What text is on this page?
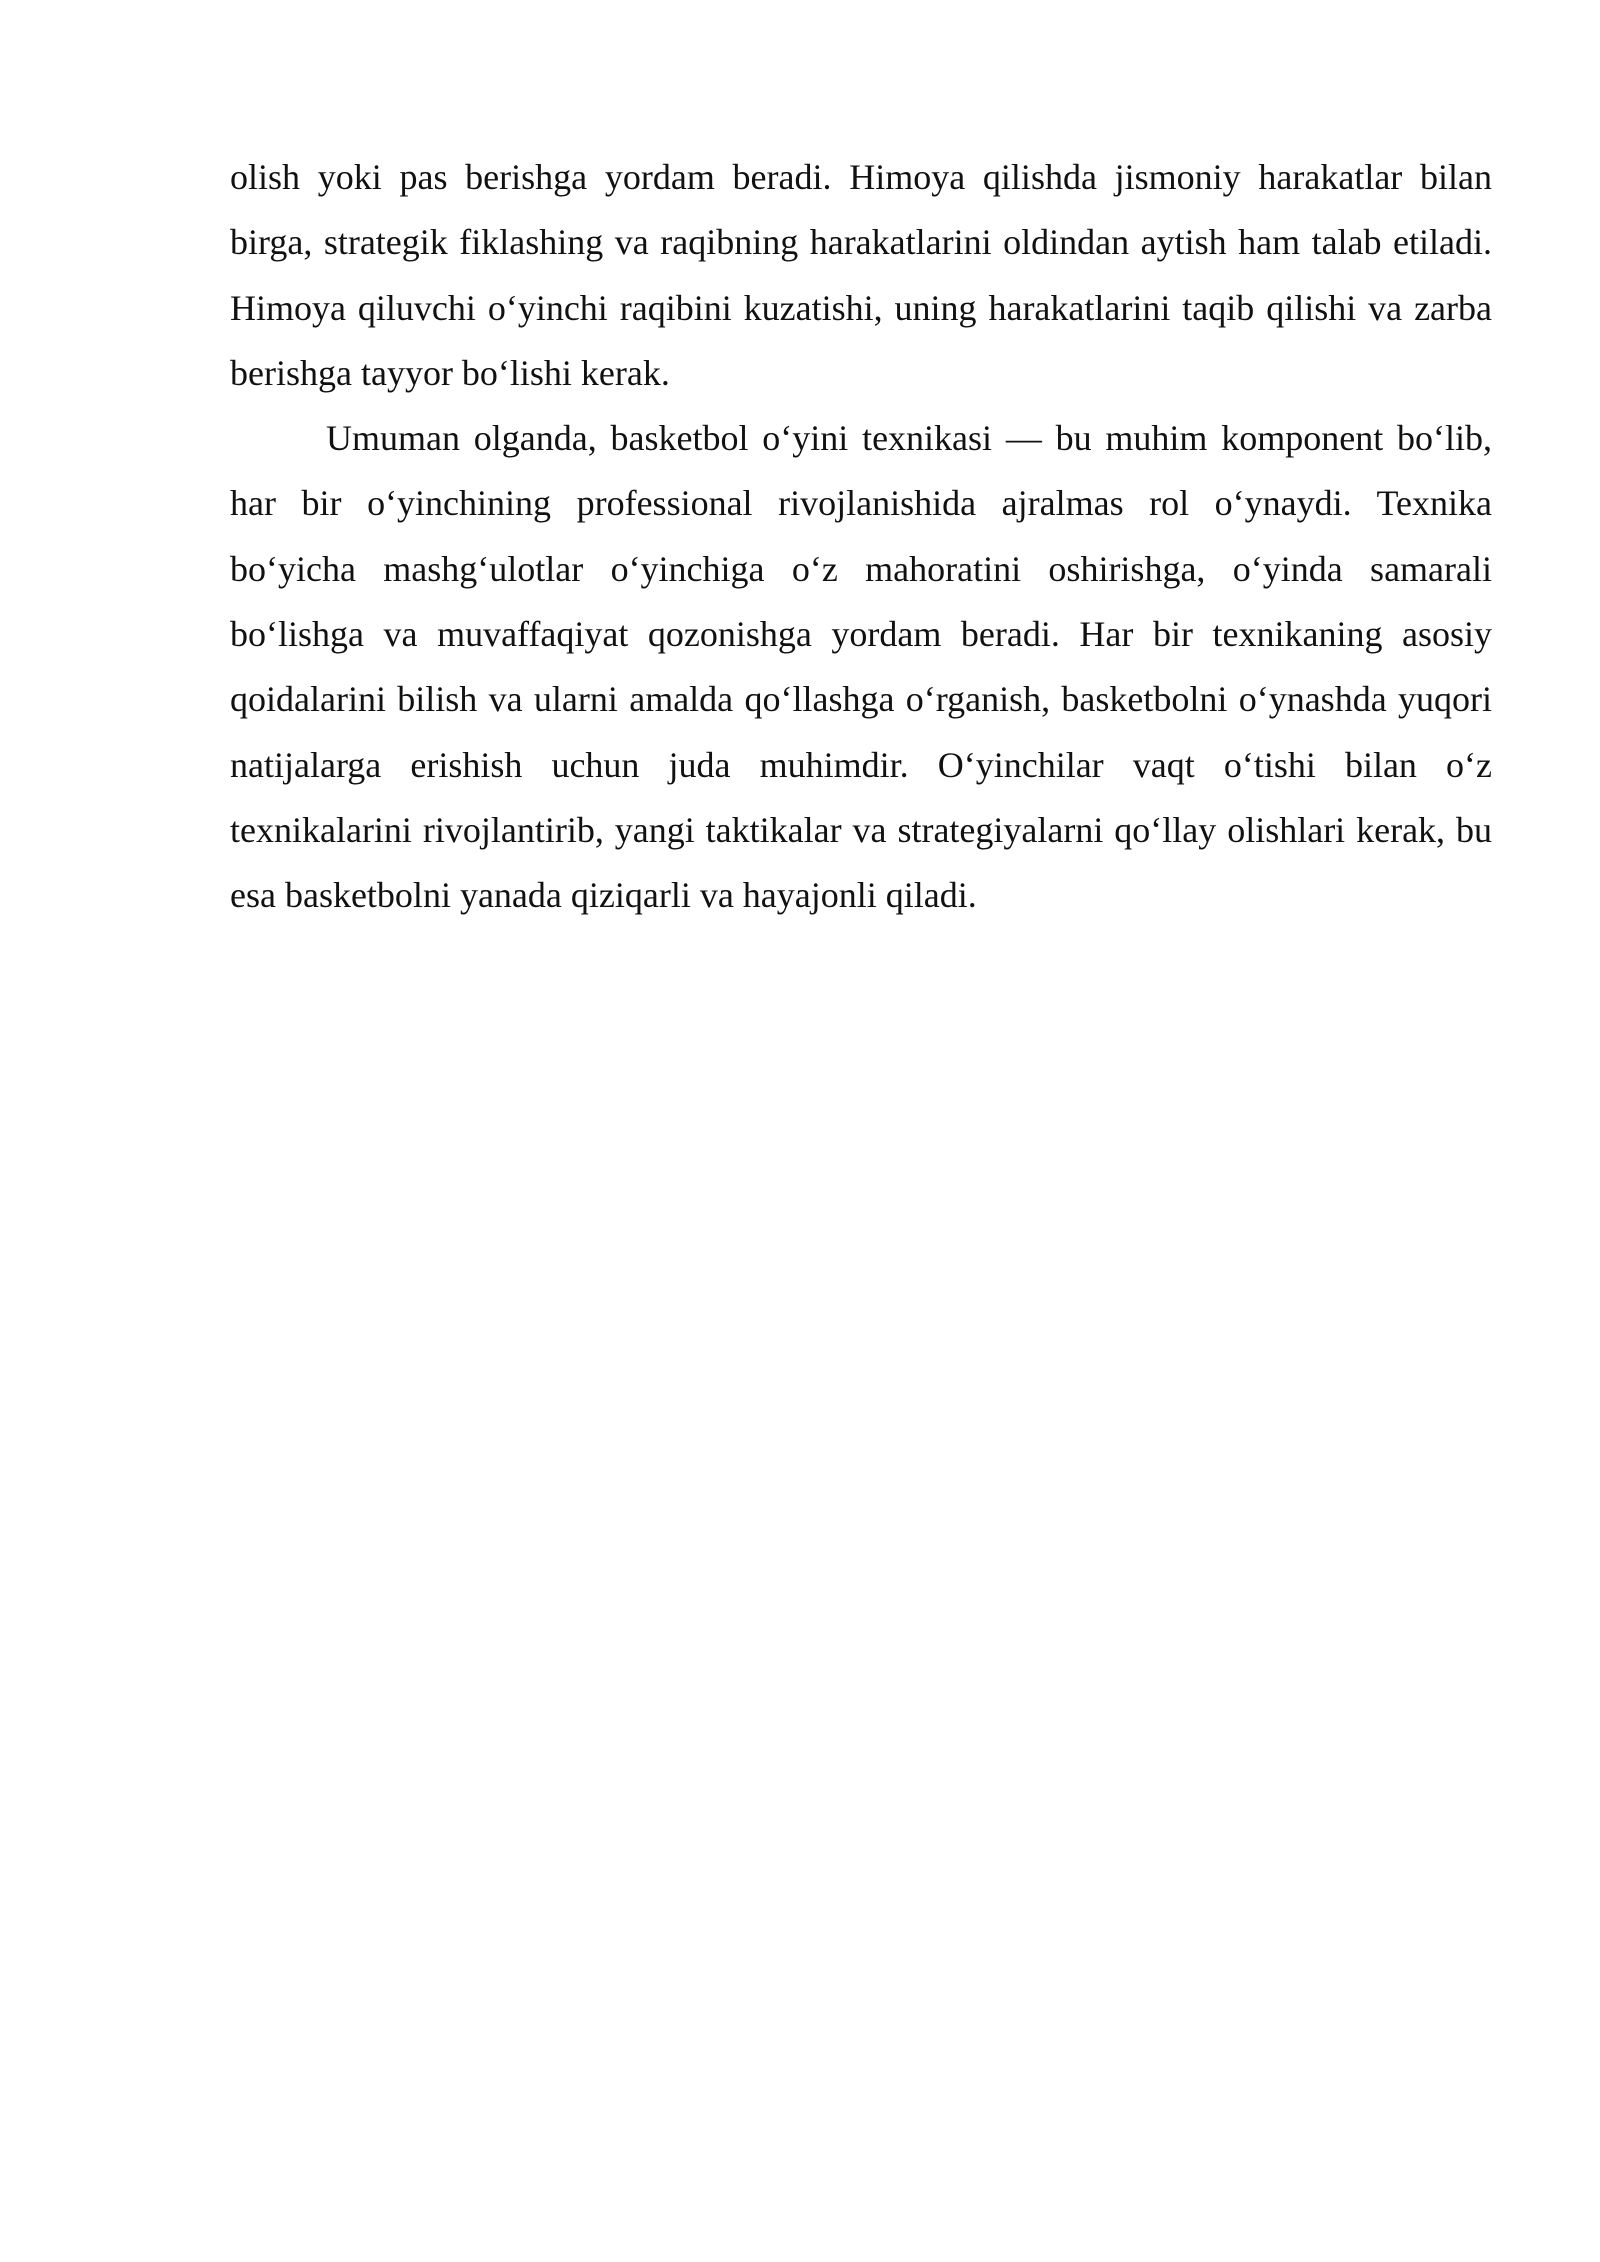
olish yoki pas berishga yordam beradi. Himoya qilishda jismoniy harakatlar bilan birga, strategik fiklashing va raqibning harakatlarini oldindan aytish ham talab etiladi. Himoya qiluvchi oʻyinchi raqibini kuzatishi, uning harakatlarini taqib qilishi va zarba berishga tayyor boʻlishi kerak.

Umuman olganda, basketbol oʻyini texnikasi — bu muhim komponent boʻlib, har bir oʻyinchining professional rivojlanishida ajralmas rol oʻynaydi. Texnika boʻyicha mashgʻulotlar oʻyinchiga oʻz mahoratini oshirishga, oʻyinda samarali boʻlishga va muvaffaqiyat qozonishga yordam beradi. Har bir texnikaning asosiy qoidalarini bilish va ularni amalda qoʻllashga oʻrganish, basketbolni oʻynashda yuqori natijalarga erishish uchun juda muhimdir. Oʻyinchilar vaqt oʻtishi bilan oʻz texnikalarini rivojlantirib, yangi taktikalar va strategiyalarni qoʻllay olishlari kerak, bu esa basketbolni yanada qiziqarli va hayajonli qiladi.
